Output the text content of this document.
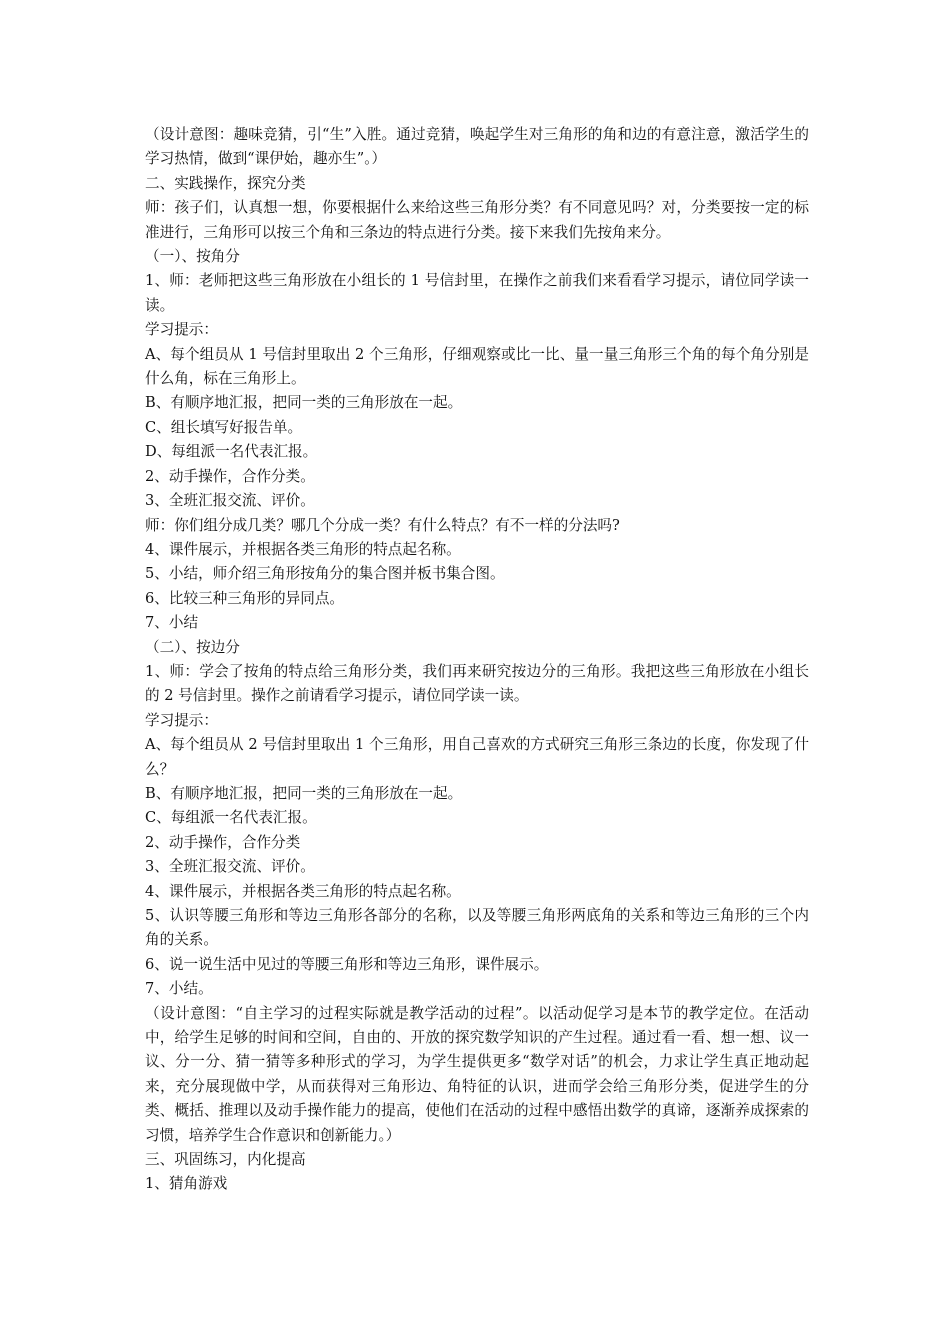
（设计意图：趣味竞猜，引“生”入胜。通过竞猜，唤起学生对三角形的角和边的有意注意，激活学生的学习热情，做到“课伊始，趣亦生”。）

二、实践操作，探究分类

师：孩子们，认真想一想，你要根据什么来给这些三角形分类？有不同意见吗？对，分类要按一定的标准进行，三角形可以按三个角和三条边的特点进行分类。接下来我们先按角来分。

（一）、按角分

1、师：老师把这些三角形放在小组长的 1 号信封里，在操作之前我们来看看学习提示，请位同学读一读。

学习提示：

A、每个组员从 1 号信封里取出 2 个三角形，仔细观察或比一比、量一量三角形三个角的每个角分别是什么角，标在三角形上。

B、有顺序地汇报，把同一类的三角形放在一起。

C、组长填写好报告单。

D、每组派一名代表汇报。

2、动手操作，合作分类。

3、全班汇报交流、评价。

师：你们组分成几类？哪几个分成一类？有什么特点？有不一样的分法吗?

4、课件展示，并根据各类三角形的特点起名称。

5、小结，师介绍三角形按角分的集合图并板书集合图。

6、比较三种三角形的异同点。

7、小结

（二）、按边分

1、师：学会了按角的特点给三角形分类，我们再来研究按边分的三角形。我把这些三角形放在小组长的 2 号信封里。操作之前请看学习提示，请位同学读一读。

学习提示：

A、每个组员从 2 号信封里取出 1 个三角形，用自己喜欢的方式研究三角形三条边的长度，你发现了什么？

B、有顺序地汇报，把同一类的三角形放在一起。

C、每组派一名代表汇报。

2、动手操作，合作分类

3、全班汇报交流、评价。

4、课件展示，并根据各类三角形的特点起名称。

5、认识等腰三角形和等边三角形各部分的名称，以及等腰三角形两底角的关系和等边三角形的三个内角的关系。

6、说一说生活中见过的等腰三角形和等边三角形，课件展示。

7、小结。

（设计意图：“自主学习的过程实际就是教学活动的过程”。以活动促学习是本节的教学定位。在活动中，给学生足够的时间和空间，自由的、开放的探究数学知识的产生过程。通过看一看、想一想、议一议、分一分、猜一猜等多种形式的学习，为学生提供更多“数学对话”的机会，力求让学生真正地动起来，充分展现做中学，从而获得对三角形边、角特征的认识，进而学会给三角形分类，促进学生的分类、概括、推理以及动手操作能力的提高，使他们在活动的过程中感悟出数学的真谛，逐渐养成探索的习惯，培养学生合作意识和创新能力。）

三、巩固练习，内化提高

1、猜角游戏
